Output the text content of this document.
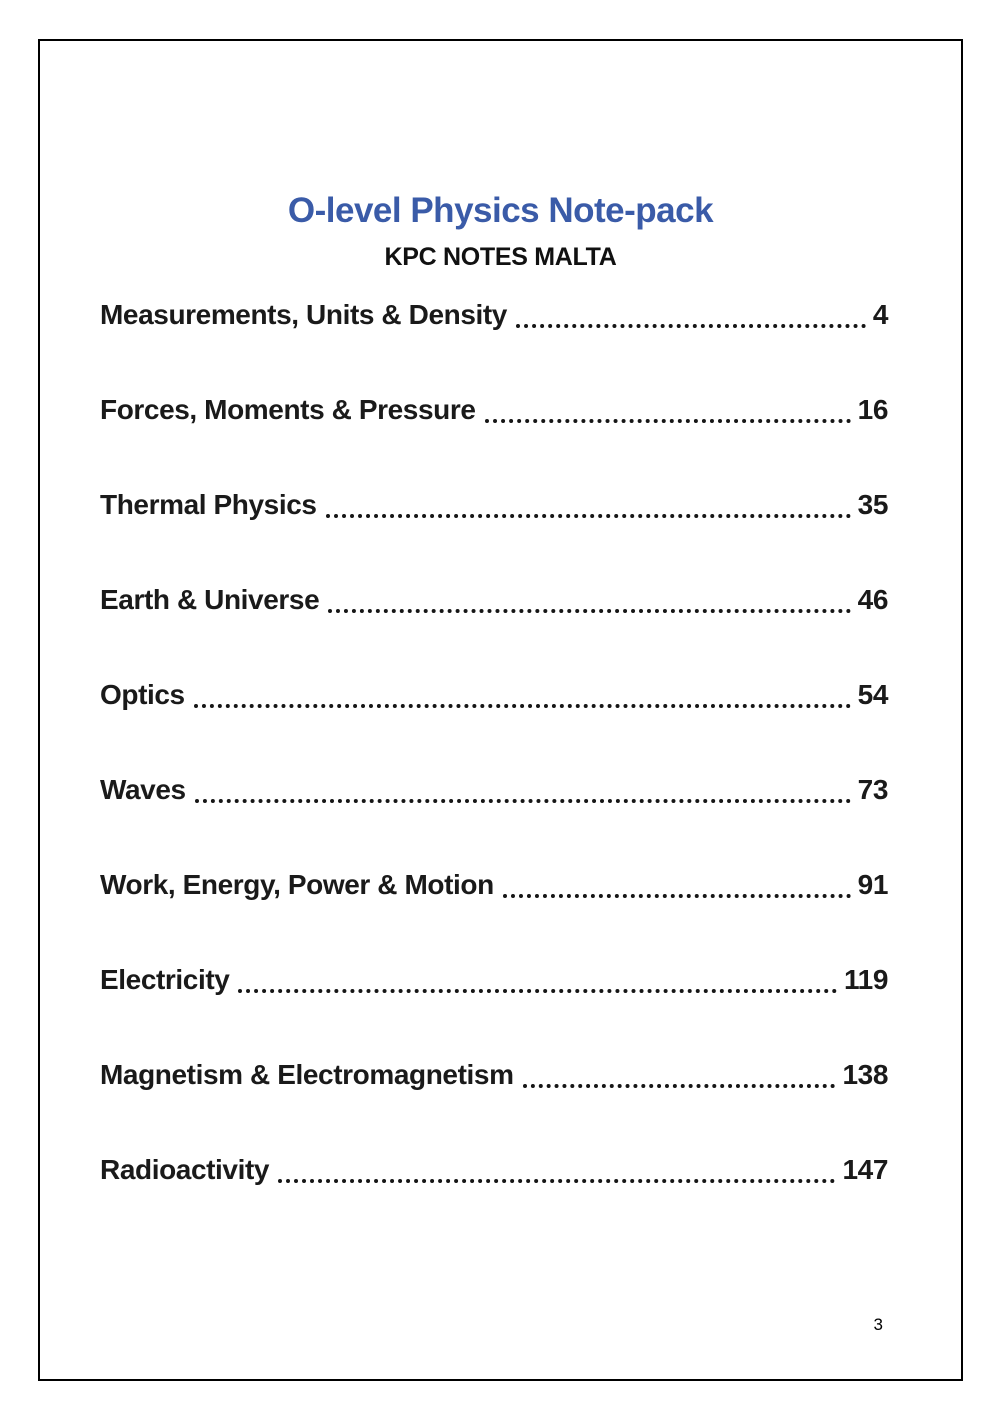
O-level Physics Note-pack
KPC NOTES MALTA
Measurements, Units & Density	4
Forces, Moments & Pressure	16
Thermal Physics	35
Earth & Universe	46
Optics	54
Waves	73
Work, Energy, Power & Motion	91
Electricity	119
Magnetism & Electromagnetism	138
Radioactivity	147
3
